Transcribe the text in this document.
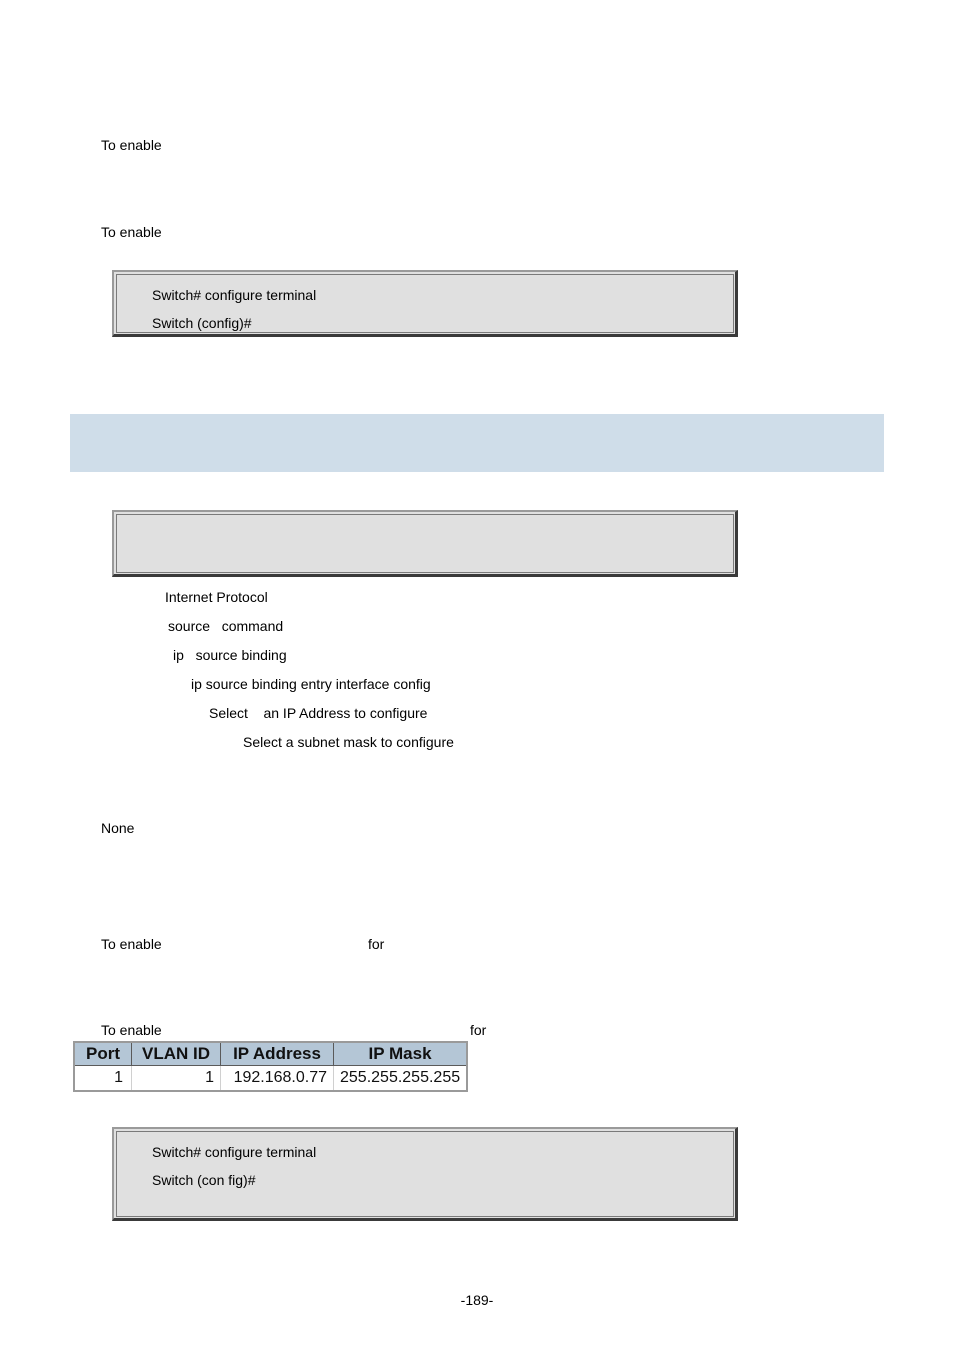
To enable
To enable
Switch# configure terminal
Switch (config)#
Internet Protocol
source   command
ip   source binding
ip source binding entry interface config
Select    an IP Address to configure
Select a subnet mask to configure
None
To enable	for
To enable	for
Port	VLAN ID	IP Address	IP Mask
1	1	192.168.0.77	255.255.255.255
Switch# configure terminal
Switch (con fig)#
-189-
